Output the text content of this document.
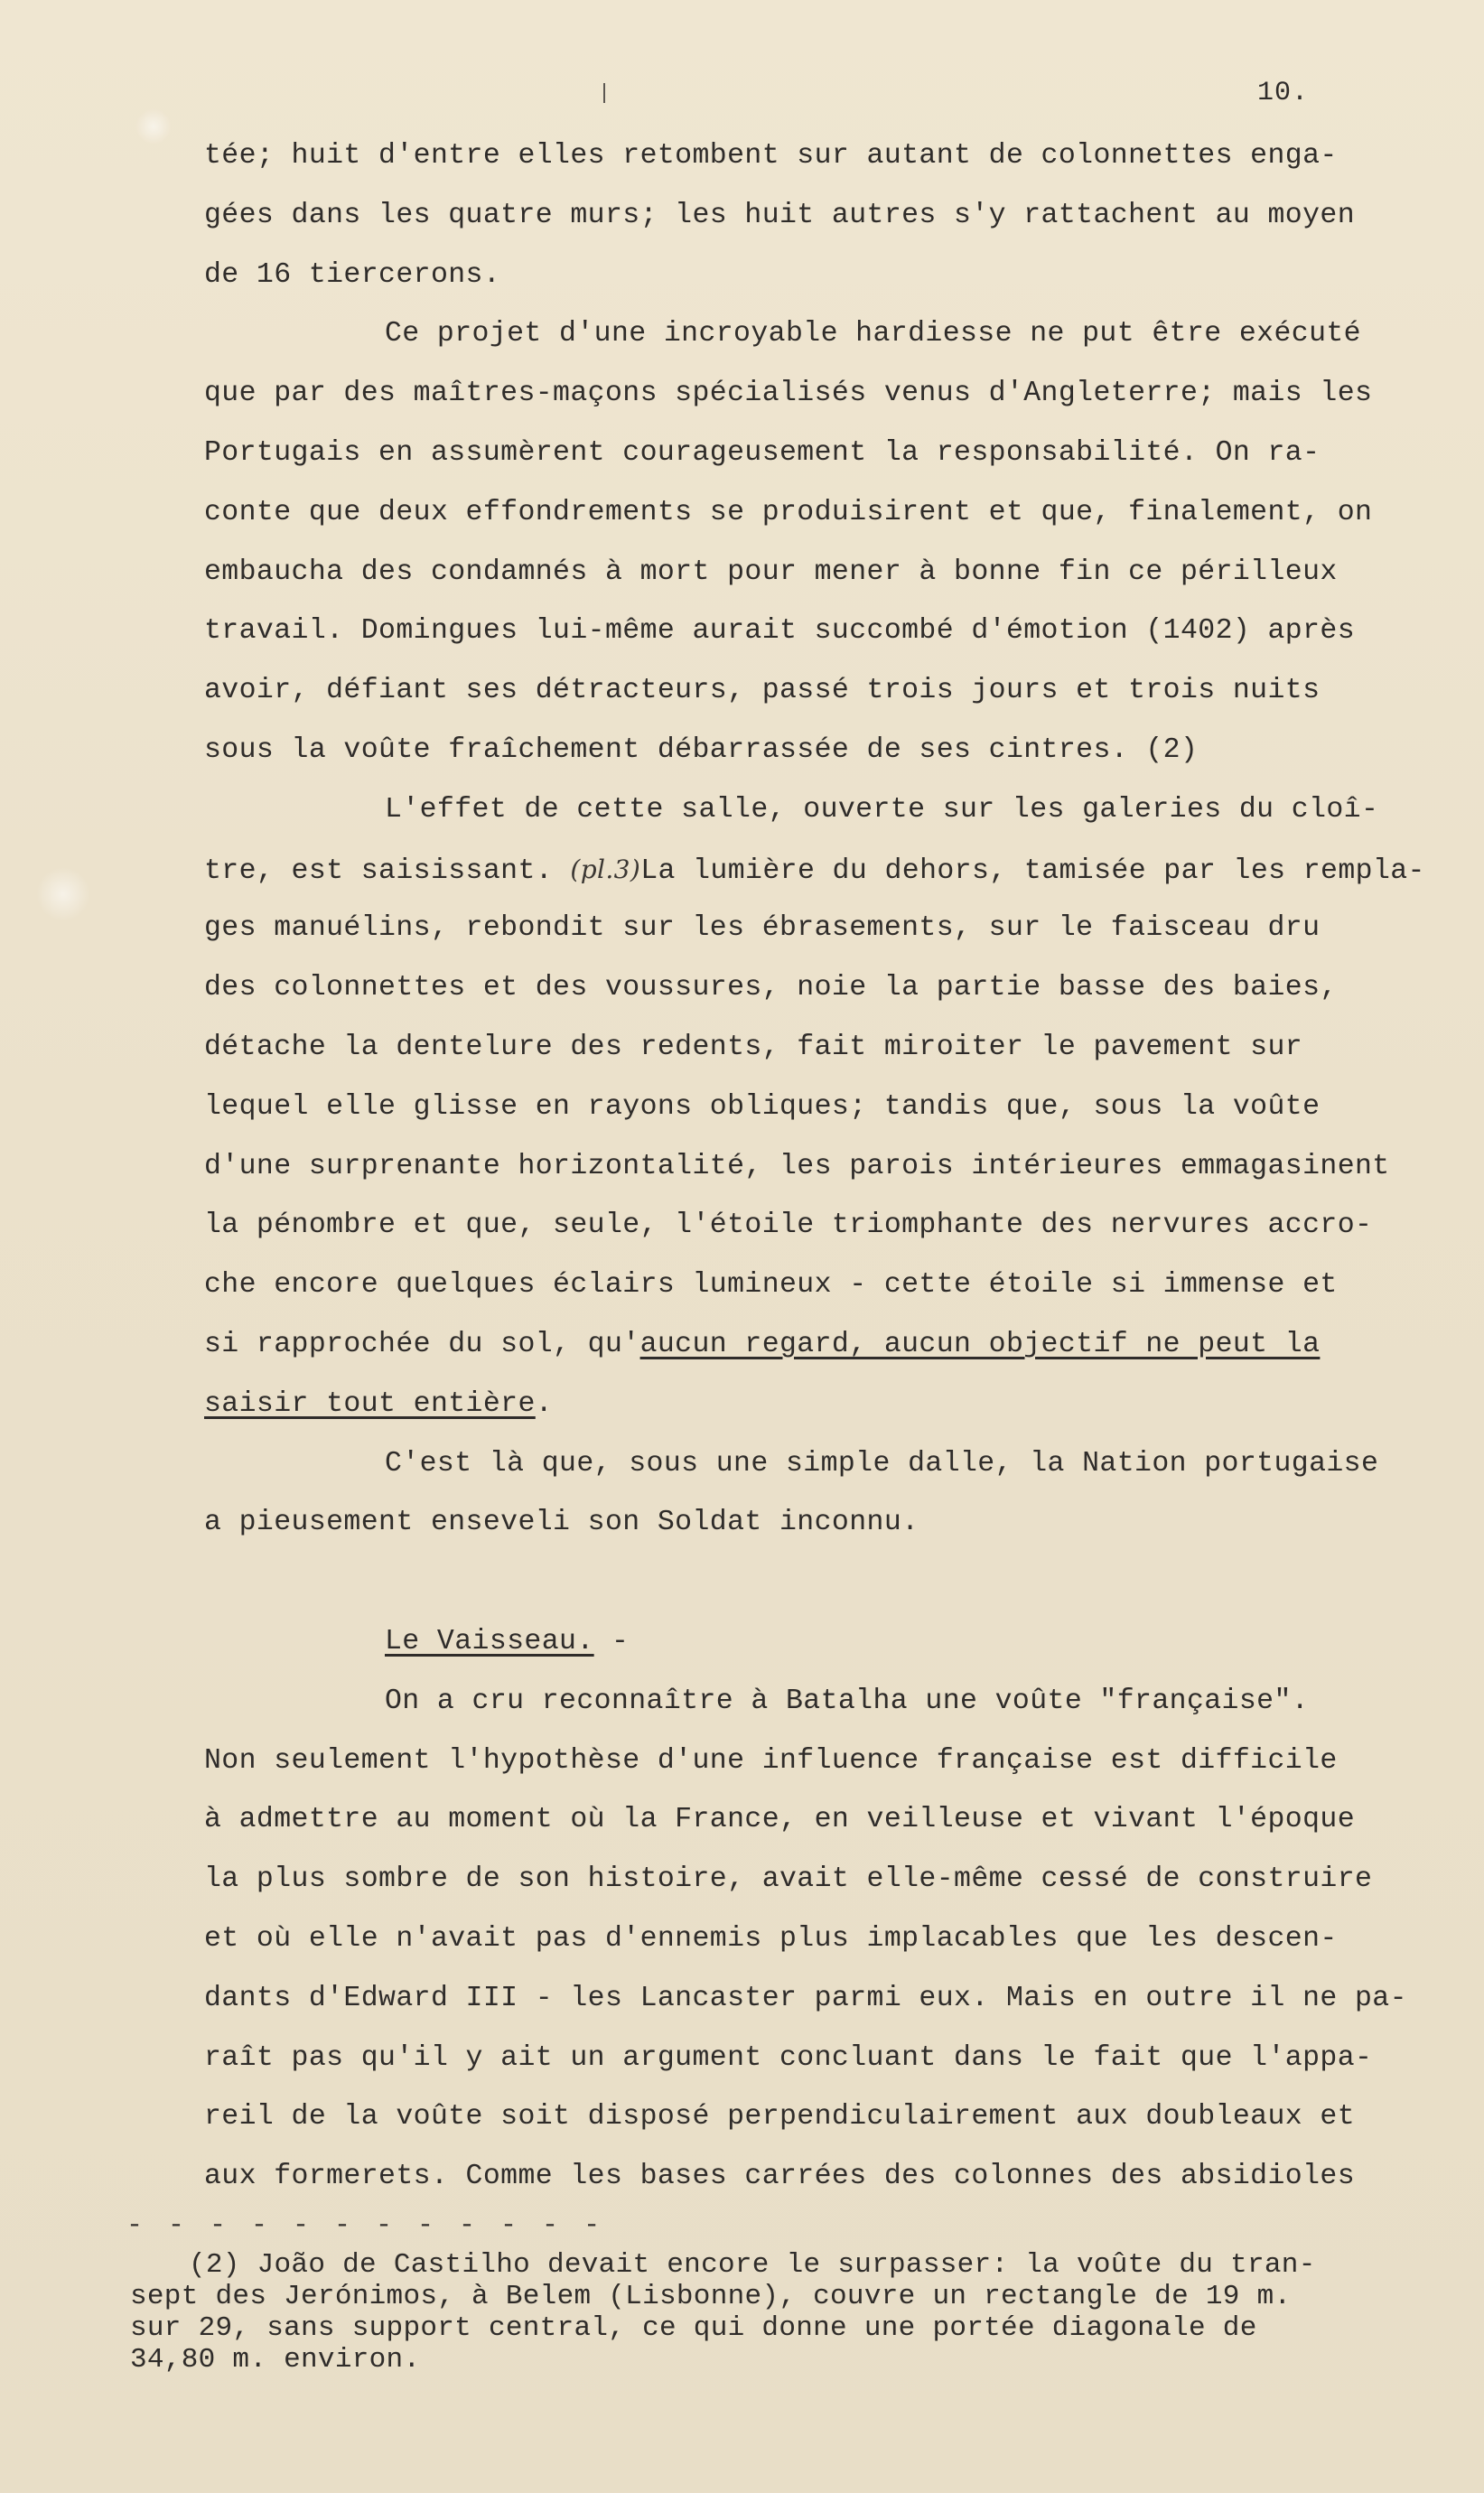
10.
tée; huit d'entre elles retombent sur autant de colonnettes enga-
gées dans les quatre murs; les huit autres s'y rattachent au moyen
de 16 tiercerons.
Ce projet d'une incroyable hardiesse ne put être exécuté
que par des maîtres-maçons spécialisés venus d'Angleterre; mais les
Portugais en assumèrent courageusement la responsabilité. On ra-
conte que deux effondrements se produisirent et que, finalement, on
embaucha des condamnés à mort pour mener à bonne fin ce périlleux
travail. Domingues lui-même aurait succombé d'émotion (1402) après
avoir, défiant ses détracteurs, passé trois jours et trois nuits
sous la voûte fraîchement débarrassée de ses cintres. (2)
L'effet de cette salle, ouverte sur les galeries du cloî-
tre, est saisissant. (pl.3)La lumière du dehors, tamisée par les rempla-
ges manuélins, rebondit sur les ébrasements, sur le faisceau dru
des colonnettes et des voussures, noie la partie basse des baies,
détache la dentelure des redents, fait miroiter le pavement sur
lequel elle glisse en rayons obliques; tandis que, sous la voûte
d'une surprenante horizontalité, les parois intérieures emmagasinent
la pénombre et que, seule, l'étoile triomphante des nervures accro-
che encore quelques éclairs lumineux - cette étoile si immense et
si rapprochée du sol, qu'aucun regard, aucun objectif ne peut la
saisir tout entière.
C'est là que, sous une simple dalle, la Nation portugaise
a pieusement enseveli son Soldat inconnu.
Le Vaisseau. -
On a cru reconnaître à Batalha une voûte "française".
Non seulement l'hypothèse d'une influence française est difficile
à admettre au moment où la France, en veilleuse et vivant l'époque
la plus sombre de son histoire, avait elle-même cessé de construire
et où elle n'avait pas d'ennemis plus implacables que les descen-
dants d'Edward III - les Lancaster parmi eux. Mais en outre il ne pa-
raît pas qu'il y ait un argument concluant dans le fait que l'appa-
reil de la voûte soit disposé perpendiculairement aux doubleaux et
aux formerets. Comme les bases carrées des colonnes des absidioles
- - - - - - - - - - - -
(2) João de Castilho devait encore le surpasser: la voûte du tran-
sept des Jerónimos, à Belem (Lisbonne), couvre un rectangle de 19 m.
sur 29, sans support central, ce qui donne une portée diagonale de
34,80 m. environ.
